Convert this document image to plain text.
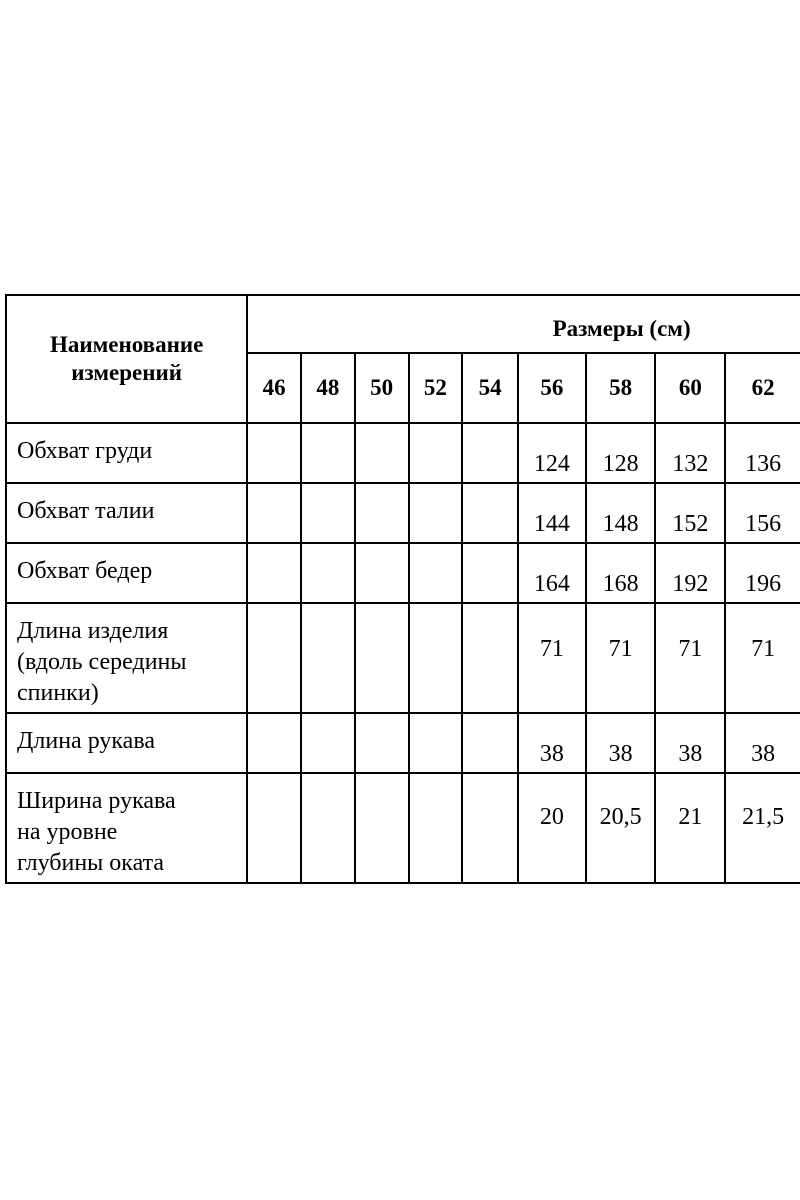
Наименование
измерений	Размеры (см)								
	46	48	50	52	54	56	58	60	62
Обхват груди						124	128	132	136
Обхват талии						144	148	152	156
Обхват бедер						164	168	192	196
Длина изделия
(вдоль середины
спинки)						71	71	71	71
Длина рукава						38	38	38	38
Ширина рукава
на уровне
глубины оката						20	20,5	21	21,5
